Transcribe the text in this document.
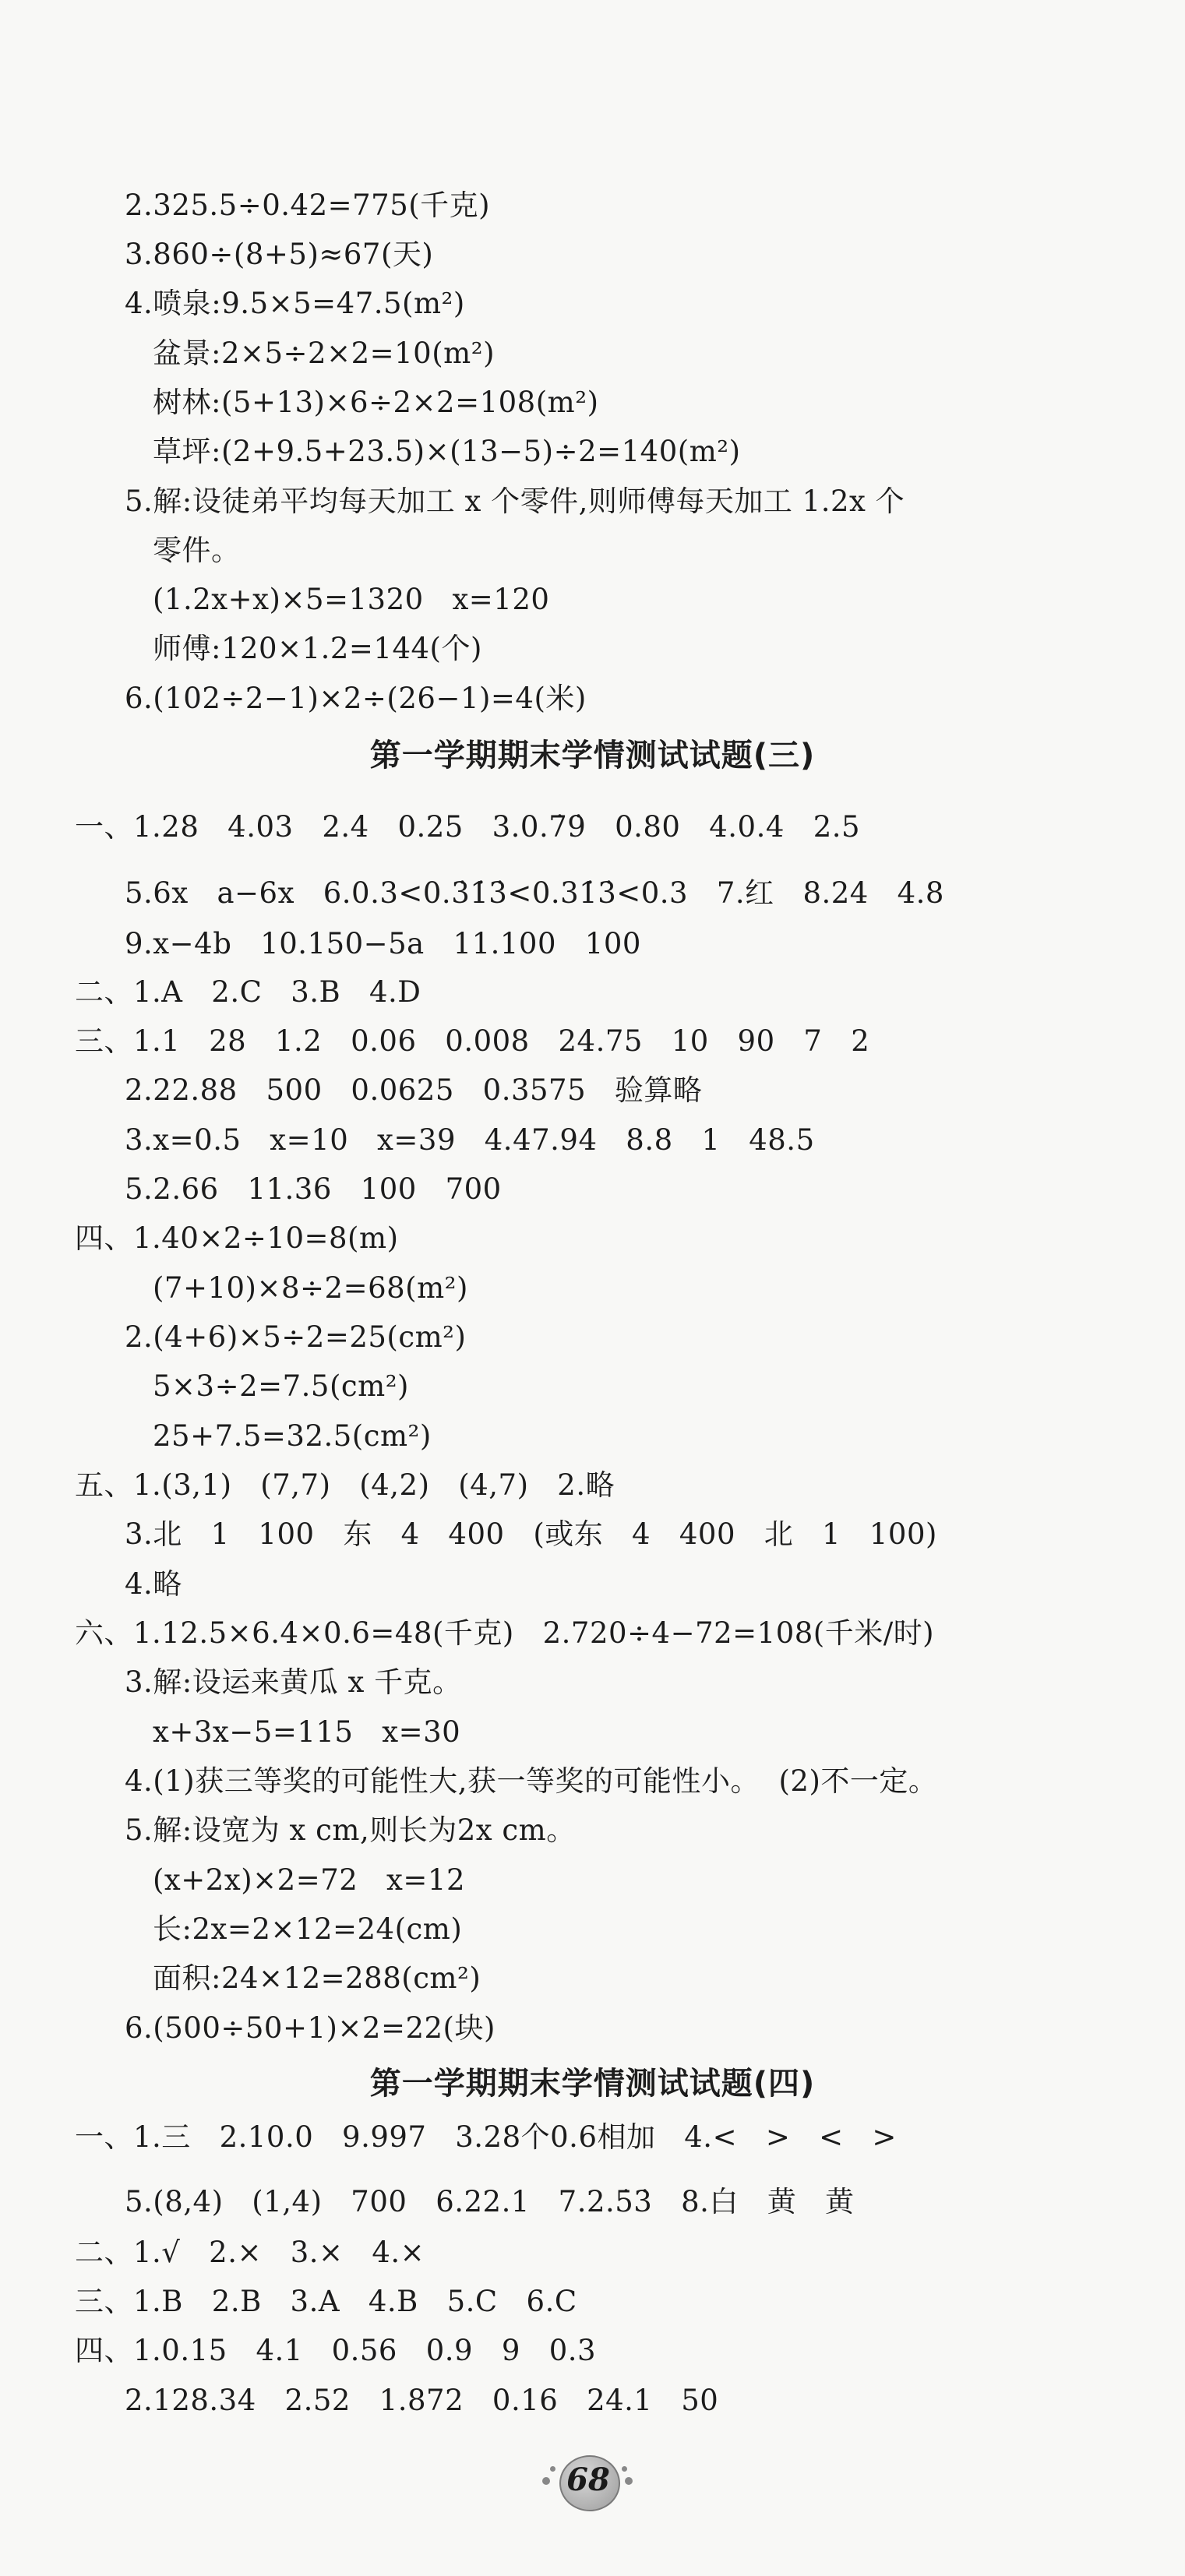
2.325.5÷0.42=775(千克)
3.860÷(8+5)≈67(天)
4.喷泉:9.5×5=47.5(m²)
盆景:2×5÷2×2=10(m²)
树林:(5+13)×6÷2×2=108(m²)
草坪:(2+9.5+23.5)×(13−5)÷2=140(m²)
5.解:设徒弟平均每天加工 x 个零件,则师傅每天加工 1.2x 个
零件。
(1.2x+x)×5=1320   x=120
师傅:120×1.2=144(个)
6.(102÷2−1)×2÷(26−1)=4(米)
第一学期期末学情测试试题(三)
一、1.28   4.03   2.4   0.25   3.0.7̇9̇   0.80   4.0.4   2.5
5.6x   a−6x   6.0.3<0.3̇1̇3̇<0.31̇3̇<0.3   7.红   8.24   4.8
9.x−4b   10.150−5a   11.100   100
二、1.A   2.C   3.B   4.D
三、1.1   28   1.2   0.06   0.008   24.75   10   90   7   2
2.22.88   500   0.0625   0.3575   验算略
3.x=0.5   x=10   x=39   4.47.94   8.8   1   48.5
5.2.66   11.36   100   700
四、1.40×2÷10=8(m)
(7+10)×8÷2=68(m²)
2.(4+6)×5÷2=25(cm²)
5×3÷2=7.5(cm²)
25+7.5=32.5(cm²)
五、1.(3,1)   (7,7)   (4,2)   (4,7)   2.略
3.北   1   100   东   4   400   (或东   4   400   北   1   100)
4.略
六、1.12.5×6.4×0.6=48(千克)   2.720÷4−72=108(千米/时)
3.解:设运来黄瓜 x 千克。
x+3x−5=115   x=30
4.(1)获三等奖的可能性大,获一等奖的可能性小。  (2)不一定。
5.解:设宽为 x cm,则长为2x cm。
(x+2x)×2=72   x=12
长:2x=2×12=24(cm)
面积:24×12=288(cm²)
6.(500÷50+1)×2=22(块)
第一学期期末学情测试试题(四)
一、1.三   2.10.0   9.997   3.28个0.6相加   4.<   >   <   >
5.(8,4)   (1,4)   700   6.22.1   7.2.5̇3̇   8.白   黄   黄
二、1.√   2.×   3.×   4.×
三、1.B   2.B   3.A   4.B   5.C   6.C
四、1.0.15   4.1   0.56   0.9   9   0.3
2.128.34   2.52   1.872   0.16   24.1   50
68
